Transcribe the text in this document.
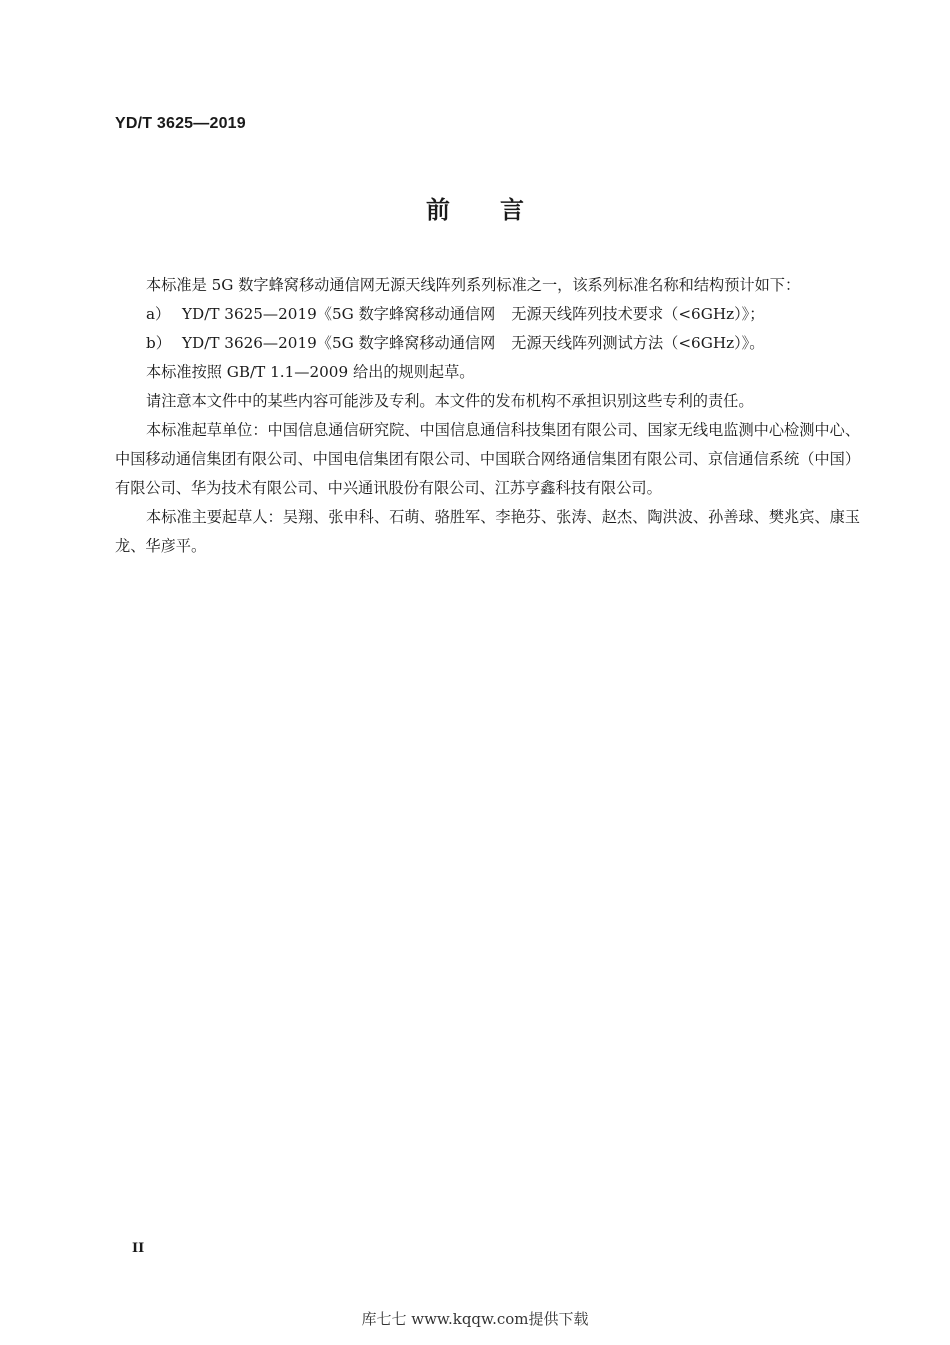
YD/T 3625—2019
前 言

本标准是 5G 数字蜂窝移动通信网无源天线阵列系列标准之一，该系列标准名称和结构预计如下：

a） YD/T 3625—2019《5G 数字蜂窝移动通信网 无源天线阵列技术要求（<6GHz）》；

b） YD/T 3626—2019《5G 数字蜂窝移动通信网 无源天线阵列测试方法（<6GHz）》。

本标准按照 GB/T 1.1—2009 给出的规则起草。

请注意本文件中的某些内容可能涉及专利。本文件的发布机构不承担识别这些专利的责任。

本标准起草单位：中国信息通信研究院、中国信息通信科技集团有限公司、国家无线电监测中心检测中心、中国移动通信集团有限公司、中国电信集团有限公司、中国联合网络通信集团有限公司、京信通信系统（中国）有限公司、华为技术有限公司、中兴通讯股份有限公司、江苏亨鑫科技有限公司。

本标准主要起草人：吴翔、张申科、石萌、骆胜军、李艳芬、张涛、赵杰、陶洪波、孙善球、樊兆宾、康玉龙、华彦平。

II
库七七 www.kqqw.com提供下载
